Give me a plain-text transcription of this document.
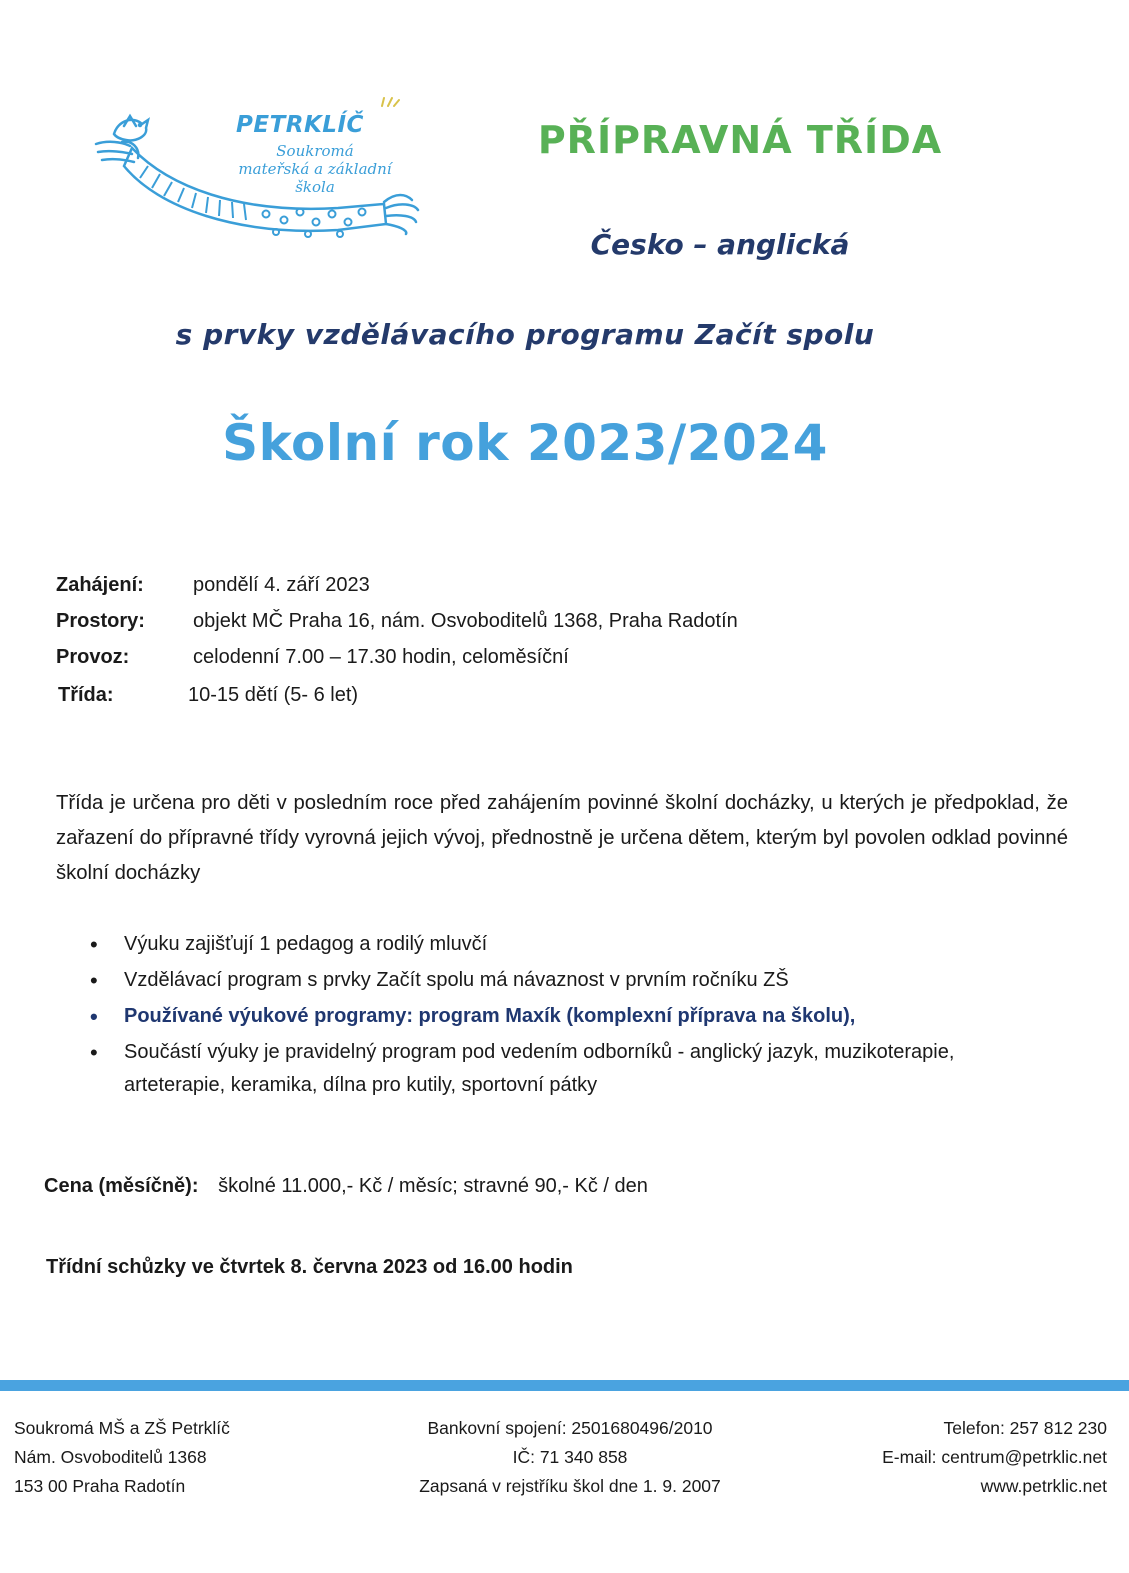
PETRKLÍČ
Soukromá
mateřská a základní
škola
PŘÍPRAVNÁ TŘÍDA
Česko – anglická
s prvky vzdělávacího programu Začít spolu
Školní rok 2023/2024
Zahájení: pondělí 4. září 2023
Prostory: objekt MČ Praha 16, nám. Osvoboditelů 1368, Praha Radotín
Provoz:	celodenní 7.00 – 17.30 hodin, celoměsíční
Třída:	10-15 dětí (5- 6 let)
Třída je určena pro děti v posledním roce před zahájením povinné školní docházky, u kterých je předpoklad, že zařazení do přípravné třídy vyrovná jejich vývoj, přednostně je určena dětem, kterým byl povolen odklad povinné školní docházky
• Výuku zajišťují 1 pedagog a rodilý mluvčí
• Vzdělávací program s prvky Začít spolu má návaznost v prvním ročníku ZŠ
• Používané výukové programy: program Maxík (komplexní příprava na školu),
• Součástí výuky je pravidelný program pod vedením odborníků - anglický jazyk, muzikoterapie, arteterapie, keramika, dílna pro kutily, sportovní pátky
Cena (měsíčně): školné 11.000,- Kč / měsíc; stravné 90,- Kč / den
Třídní schůzky ve čtvrtek 8. června 2023 od 16.00 hodin
Soukromá MŠ a ZŠ Petrklíč
Nám. Osvoboditelů 1368
153 00 Praha Radotín
Bankovní spojení: 2501680496/2010
IČ: 71 340 858
Zapsaná v rejstříku škol dne 1. 9. 2007
Telefon: 257 812 230
E-mail: centrum@petrklic.net
www.petrklic.net
